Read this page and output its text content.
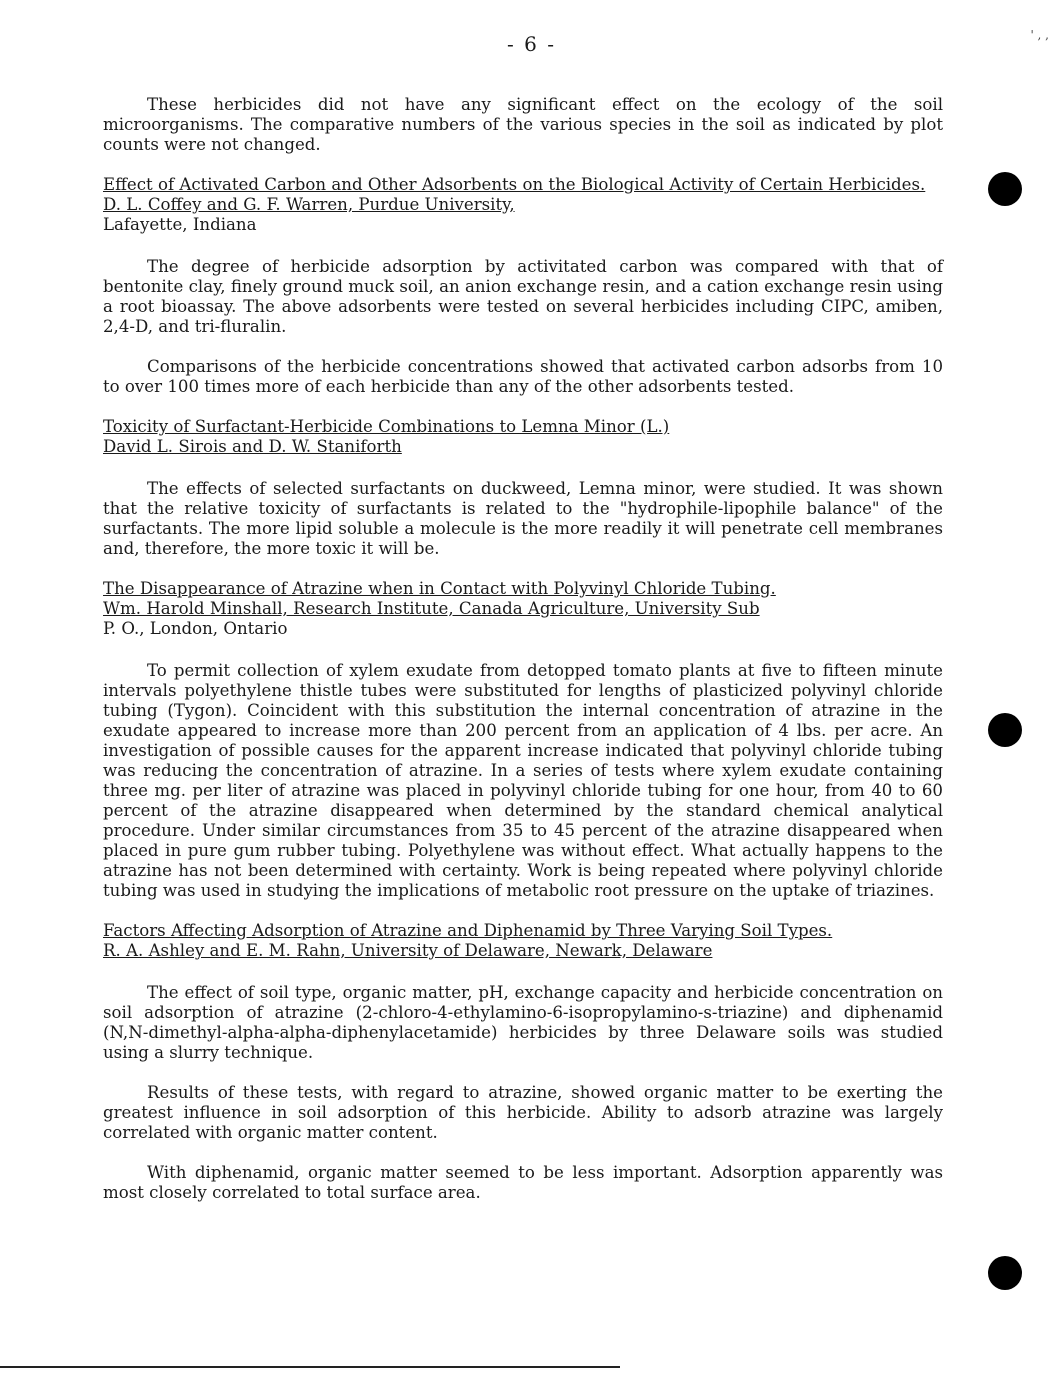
- 6 -	' , ,

These herbicides did not have any significant effect on the ecology of the soil microorganisms. The comparative numbers of the various species in the soil as indicated by plot counts were not changed.

Effect of Activated Carbon and Other Adsorbents on the Biological Activity of Certain Herbicides. D. L. Coffey and G. F. Warren, Purdue University,
Lafayette, Indiana

The degree of herbicide adsorption by activitated carbon was compared with that of bentonite clay, finely ground muck soil, an anion exchange resin, and a cation exchange resin using a root bioassay. The above adsorbents were tested on several herbicides including CIPC, amiben, 2,4-D, and tri-fluralin.

Comparisons of the herbicide concentrations showed that activated carbon adsorbs from 10 to over 100 times more of each herbicide than any of the other adsorbents tested.

Toxicity of Surfactant-Herbicide Combinations to Lemna Minor (L.)
David L. Sirois and D. W. Staniforth

The effects of selected surfactants on duckweed, Lemna minor, were studied. It was shown that the relative toxicity of surfactants is related to the "hydrophile-lipophile balance" of the surfactants. The more lipid soluble a molecule is the more readily it will penetrate cell membranes and, therefore, the more toxic it will be.

The Disappearance of Atrazine when in Contact with Polyvinyl Chloride Tubing.
Wm. Harold Minshall, Research Institute, Canada Agriculture, University Sub
P. O., London, Ontario

To permit collection of xylem exudate from detopped tomato plants at five to fifteen minute intervals polyethylene thistle tubes were substituted for lengths of plasticized polyvinyl chloride tubing (Tygon). Coincident with this substitution the internal concentration of atrazine in the exudate appeared to increase more than 200 percent from an application of 4 lbs. per acre. An investigation of possible causes for the apparent increase indicated that polyvinyl chloride tubing was reducing the concentration of atrazine. In a series of tests where xylem exudate containing three mg. per liter of atrazine was placed in polyvinyl chloride tubing for one hour, from 40 to 60 percent of the atrazine disappeared when determined by the standard chemical analytical procedure. Under similar circumstances from 35 to 45 percent of the atrazine disappeared when placed in pure gum rubber tubing. Polyethylene was without effect. What actually happens to the atrazine has not been determined with certainty. Work is being repeated where polyvinyl chloride tubing was used in studying the implications of metabolic root pressure on the uptake of triazines.

Factors Affecting Adsorption of Atrazine and Diphenamid by Three Varying Soil Types.
R. A. Ashley and E. M. Rahn, University of Delaware, Newark, Delaware

The effect of soil type, organic matter, pH, exchange capacity and herbicide concentration on soil adsorption of atrazine (2-chloro-4-ethylamino-6-isopropylamino-s-triazine) and diphenamid (N,N-dimethyl-alpha-alpha-diphenylacetamide) herbicides by three Delaware soils was studied using a slurry technique.

Results of these tests, with regard to atrazine, showed organic matter to be exerting the greatest influence in soil adsorption of this herbicide. Ability to adsorb atrazine was largely correlated with organic matter content.

With diphenamid, organic matter seemed to be less important. Adsorption apparently was most closely correlated to total surface area.
